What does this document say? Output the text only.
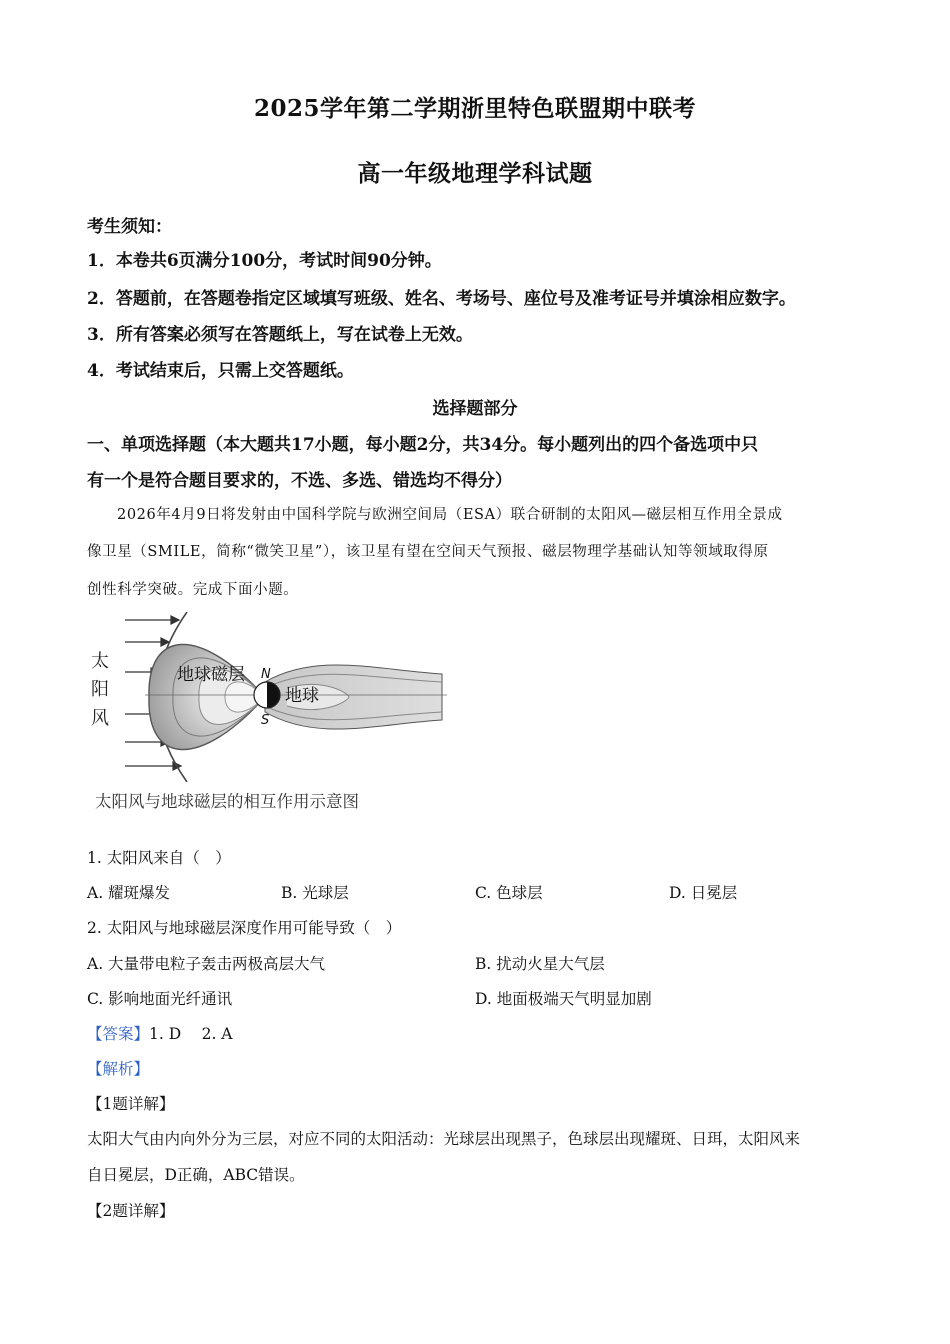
2025学年第二学期浙里特色联盟期中联考
高一年级地理学科试题
考生须知：
1．本卷共6页满分100分，考试时间90分钟。
2．答题前，在答题卷指定区域填写班级、姓名、考场号、座位号及准考证号并填涂相应数字。
3．所有答案必须写在答题纸上，写在试卷上无效。
4．考试结束后，只需上交答题纸。
选择题部分
一、单项选择题（本大题共17小题，每小题2分，共34分。每小题列出的四个备选项中只
有一个是符合题目要求的，不选、多选、错选均不得分）
2026年4月9日将发射由中国科学院与欧洲空间局（ESA）联合研制的太阳风—磁层相互作用全景成
像卫星（SMILE，简称“微笑卫星”），该卫星有望在空间天气预报、磁层物理学基础认知等领域取得原
创性科学突破。完成下面小题。
太
阳
风
地球磁层
地球
N
S
太阳风与地球磁层的相互作用示意图
1. 太阳风来自（　）
A. 耀斑爆发	B. 光球层	C. 色球层	D. 日冕层
2. 太阳风与地球磁层深度作用可能导致（　）
A. 大量带电粒子轰击两极高层大气	B. 扰动火星大气层
C. 影响地面光纤通讯	D. 地面极端天气明显加剧
【答案】1. D　 2. A
【解析】
【1题详解】
太阳大气由内向外分为三层，对应不同的太阳活动：光球层出现黑子，色球层出现耀斑、日珥，太阳风来
自日冕层，D正确，ABC错误。
【2题详解】
